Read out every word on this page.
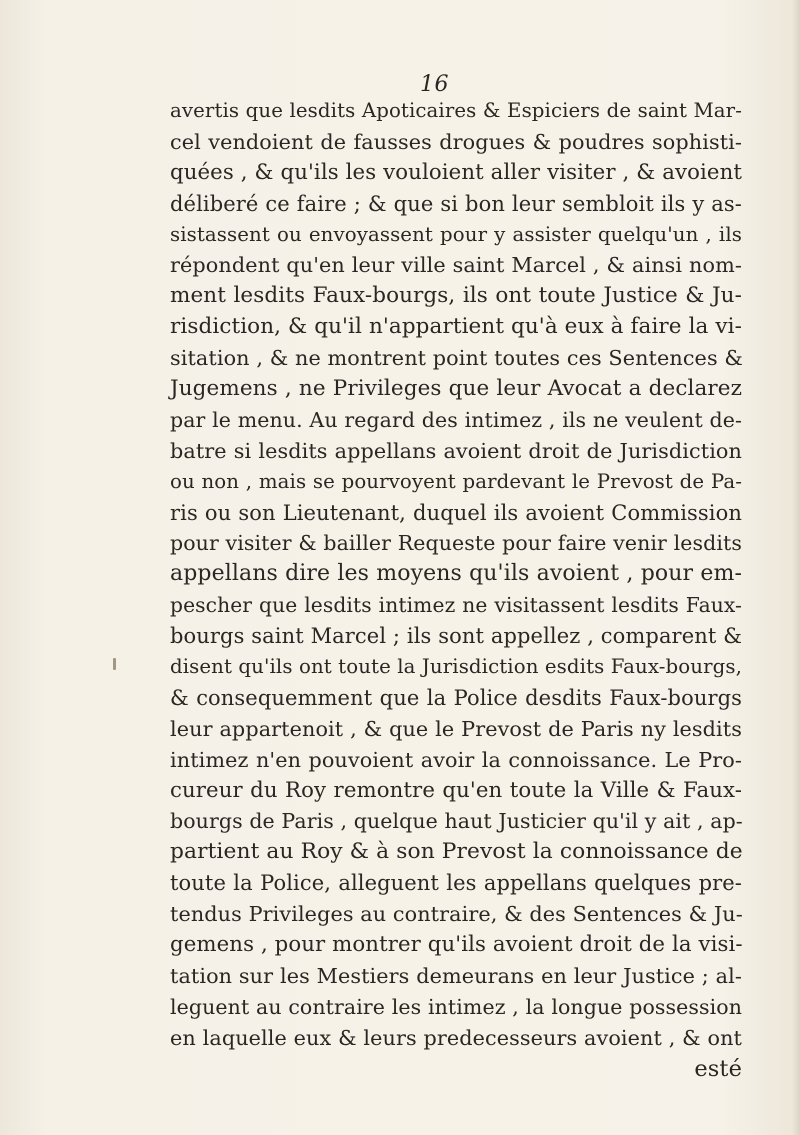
16
avertis que lesdits Apoticaires & Espiciers de saint Mar-
cel vendoient de fausses drogues & poudres sophisti-
quées , & qu'ils les vouloient aller visiter , & avoient
déliberé ce faire ; & que si bon leur sembloit ils y as-
sistassent ou envoyassent pour y assister quelqu'un , ils
répondent qu'en leur ville saint Marcel , & ainsi nom-
ment lesdits Faux-bourgs, ils ont toute Justice & Ju-
risdiction, & qu'il n'appartient qu'à eux à faire la vi-
sitation , & ne montrent point toutes ces Sentences &
Jugemens , ne Privileges que leur Avocat a declarez
par le menu. Au regard des intimez , ils ne veulent de-
batre si lesdits appellans avoient droit de Jurisdiction
ou non , mais se pourvoyent pardevant le Prevost de Pa-
ris ou son Lieutenant, duquel ils avoient Commission
pour visiter & bailler Requeste pour faire venir lesdits
appellans dire les moyens qu'ils avoient , pour em-
pescher que lesdits intimez ne visitassent lesdits Faux-
bourgs saint Marcel ; ils sont appellez , comparent &
disent qu'ils ont toute la Jurisdiction esdits Faux-bourgs,
& consequemment que la Police desdits Faux-bourgs
leur appartenoit , & que le Prevost de Paris ny lesdits
intimez n'en pouvoient avoir la connoissance. Le Pro-
cureur du Roy remontre qu'en toute la Ville & Faux-
bourgs de Paris , quelque haut Justicier qu'il y ait , ap-
partient au Roy & à son Prevost la connoissance de
toute la Police, alleguent les appellans quelques pre-
tendus Privileges au contraire, & des Sentences & Ju-
gemens , pour montrer qu'ils avoient droit de la visi-
tation sur les Mestiers demeurans en leur Justice ; al-
leguent au contraire les intimez , la longue possession
en laquelle eux & leurs predecesseurs avoient , & ont
esté
